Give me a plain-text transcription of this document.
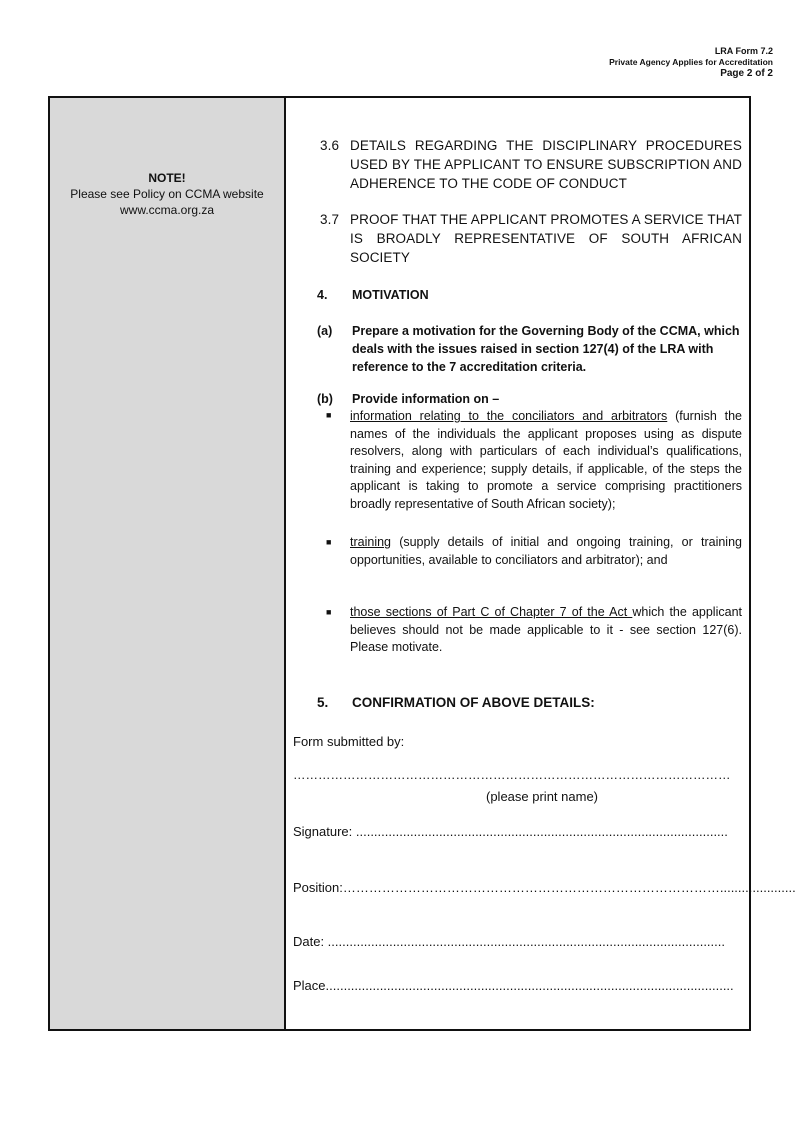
LRA Form 7.2
Private Agency Applies for Accreditation
Page 2 of 2
NOTE!
Please see Policy on CCMA website
www.ccma.org.za
3.6 DETAILS REGARDING THE DISCIPLINARY PROCEDURES USED BY THE APPLICANT TO ENSURE SUBSCRIPTION AND ADHERENCE TO THE CODE OF CONDUCT
3.7 PROOF THAT THE APPLICANT PROMOTES A SERVICE THAT IS BROADLY REPRESENTATIVE OF SOUTH AFRICAN SOCIETY
4.	MOTIVATION
(a)	Prepare a motivation for the Governing Body of the CCMA, which deals with the issues raised in section 127(4) of the LRA with reference to the 7 accreditation criteria.
(b)	Provide information on –
■ information relating to the conciliators and arbitrators (furnish the names of the individuals the applicant proposes using as dispute resolvers, along with particulars of each individual’s qualifications, training and experience; supply details, if applicable, of the steps the applicant is taking to promote a service comprising practitioners broadly representative of South African society);
■ training (supply details of initial and ongoing training, or training opportunities, available to conciliators and arbitrator); and
■ those sections of Part C of Chapter 7 of the Act which the applicant believes should not be made applicable to it - see section 127(6). Please motivate.
5.	CONFIRMATION OF ABOVE DETAILS:
Form submitted by:
……………………………………………………………………………………………
(please print name)
Signature: .......................................................................................................
Position:…………………………………………………………………………….....................
Date: ..............................................................................................................
Place.................................................................................................................
